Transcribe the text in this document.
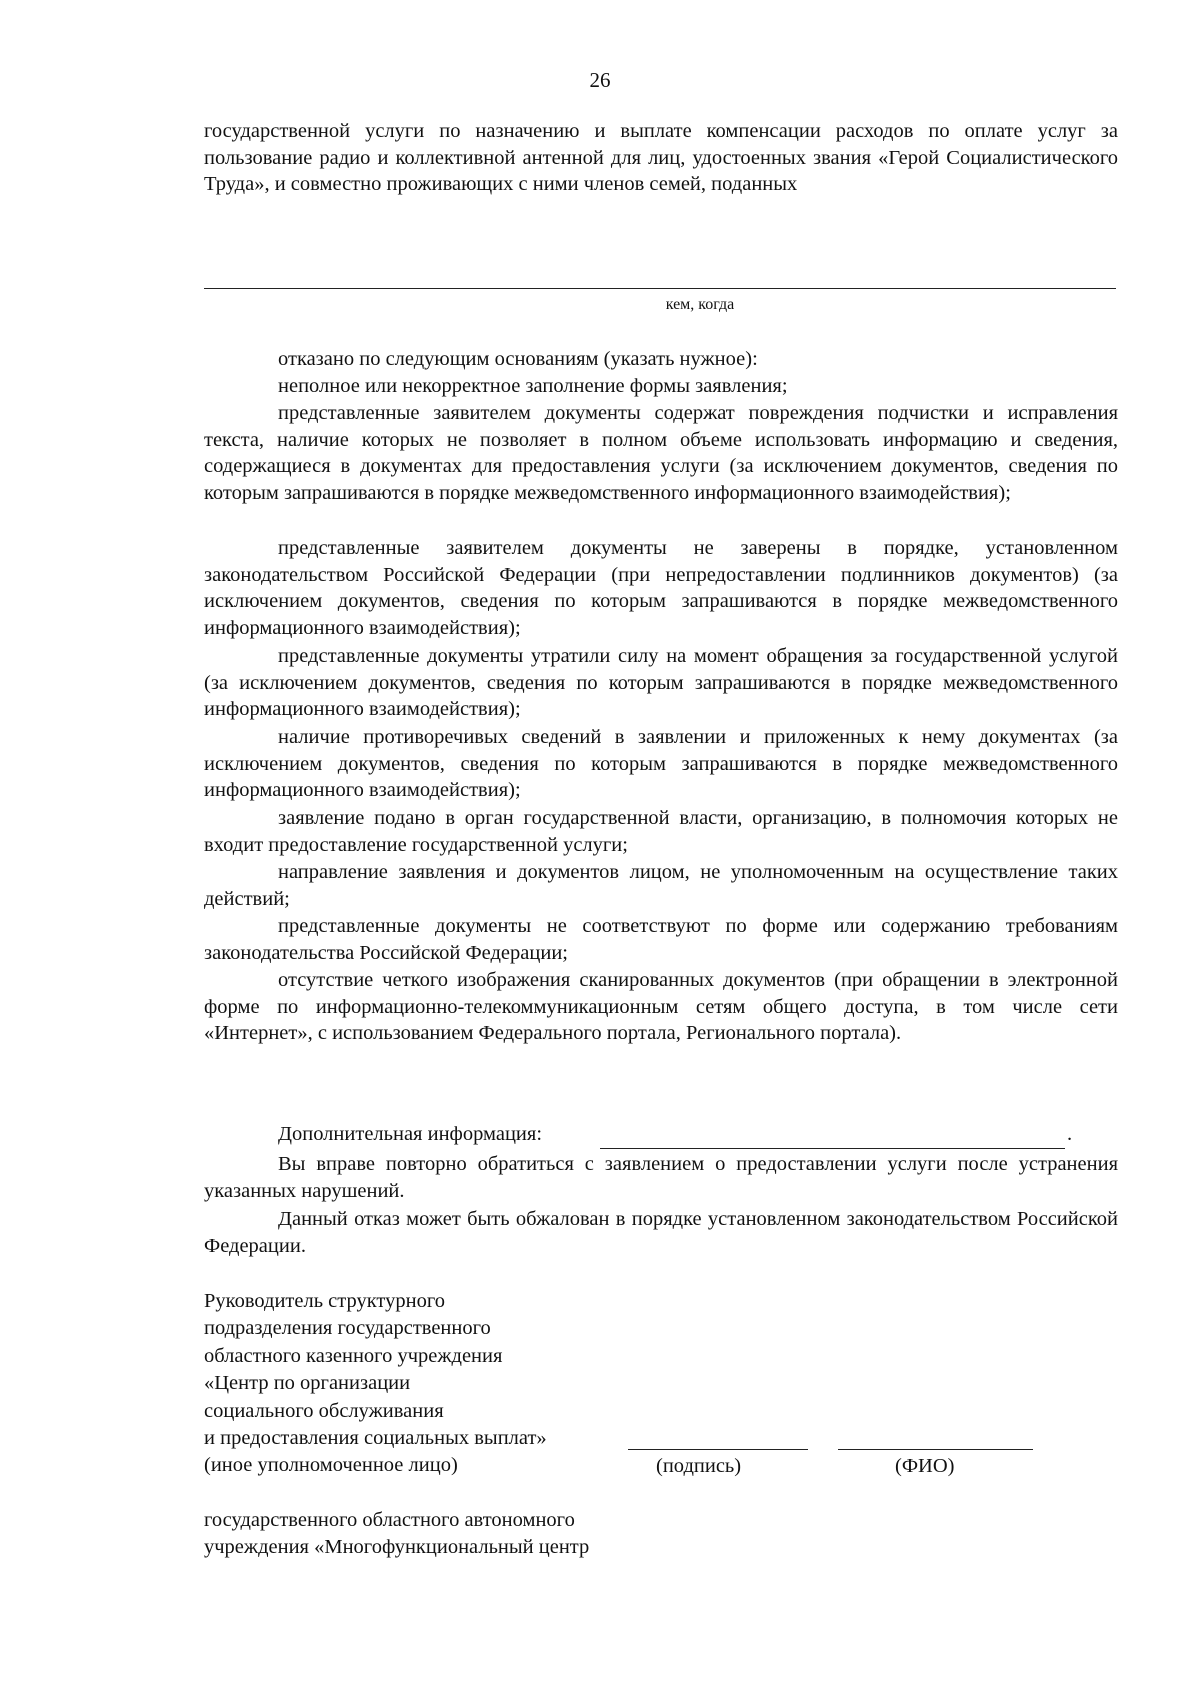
26
государственной услуги по назначению и выплате компенсации расходов по оплате услуг за пользование радио и коллективной антенной для лиц, удостоенных звания «Герой Социалистического Труда», и совместно проживающих с ними членов семей, поданных
кем, когда
отказано по следующим основаниям (указать нужное):
неполное или некорректное заполнение формы заявления;
представленные заявителем документы содержат повреждения подчистки и исправления текста, наличие которых не позволяет в полном объеме использовать информацию и сведения, содержащиеся в документах для предоставления услуги (за исключением документов, сведения по которым запрашиваются в порядке межведомственного информационного взаимодействия);
представленные заявителем документы не заверены в порядке, установленном законодательством Российской Федерации (при непредоставлении подлинников документов) (за исключением документов, сведения по которым запрашиваются в порядке межведомственного информационного взаимодействия);
представленные документы утратили силу на момент обращения за государственной услугой (за исключением документов, сведения по которым запрашиваются в порядке межведомственного информационного взаимодействия);
наличие противоречивых сведений в заявлении и приложенных к нему документах (за исключением документов, сведения по которым запрашиваются в порядке межведомственного информационного взаимодействия);
заявление подано в орган государственной власти, организацию, в полномочия которых не входит предоставление государственной услуги;
направление заявления и документов лицом, не уполномоченным на осуществление таких действий;
представленные документы не соответствуют по форме или содержанию требованиям законодательства Российской Федерации;
отсутствие четкого изображения сканированных документов (при обращении в электронной форме по информационно-телекоммуникационным сетям общего доступа, в том числе сети «Интернет», с использованием Федерального портала, Регионального портала).
Дополнительная информация:	.
Вы вправе повторно обратиться с заявлением о предоставлении услуги после устранения указанных нарушений.
Данный отказ может быть обжалован в порядке установленном законодательством Российской Федерации.
Руководитель структурного
подразделения государственного
областного казенного учреждения
«Центр по организации
социального обслуживания
и предоставления социальных выплат»
(иное уполномоченное лицо)	(подпись)	(ФИО)
государственного областного автономного
учреждения «Многофункциональный центр
